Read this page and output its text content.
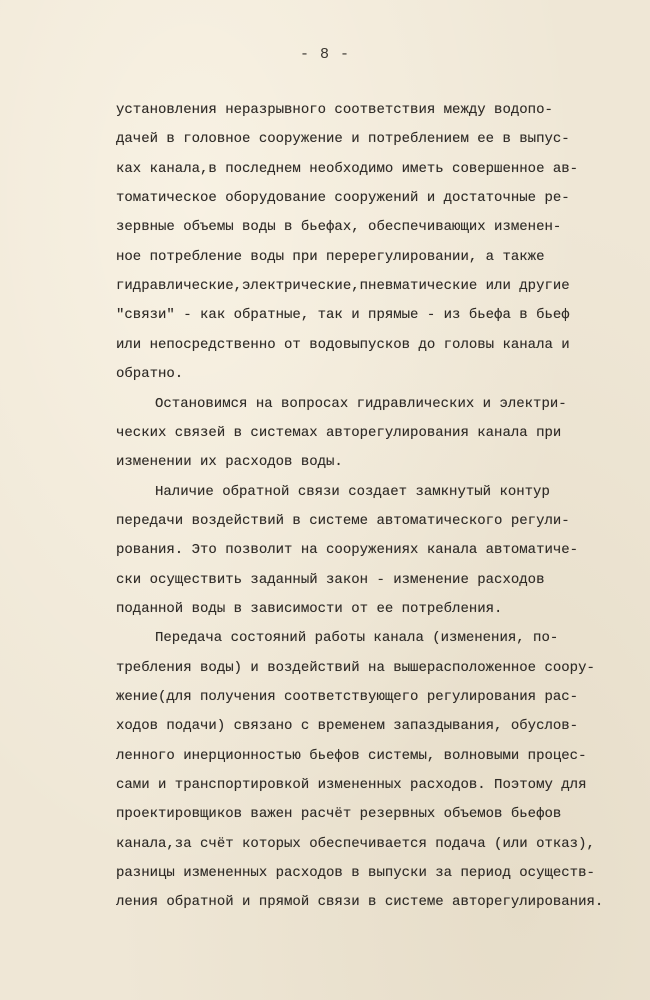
- 8 -
установления неразрывного соответствия между водопо-
дачей в головное сооружение и потреблением ее в выпус-
ках канала,в последнем необходимо иметь совершенное ав-
томатическое оборудование сооружений и достаточные ре-
зервные объемы воды в бьефах, обеспечивающих изменен-
ное потребление воды при перерегулировании, а также
гидравлические,электрические,пневматические или другие
"связи" - как обратные, так и прямые - из бьефа в бьеф
или непосредственно от водовыпусков до головы канала и
обратно.
Остановимся на вопросах гидравлических и электри-
ческих связей в системах авторегулирования канала при
изменении их расходов воды.
Наличие обратной связи создает замкнутый контур
передачи воздействий в системе автоматического регули-
рования. Это позволит на сооружениях канала автоматиче-
ски осуществить заданный закон - изменение расходов
поданной воды в зависимости от ее потребления.
Передача состояний работы канала (изменения, по-
требления воды) и воздействий на вышерасположенное соору-
жение(для получения соответствующего регулирования рас-
ходов подачи) связано с временем запаздывания, обуслов-
ленного инерционностью бьефов системы, волновыми процес-
сами и транспортировкой измененных расходов. Поэтому для
проектировщиков важен расчёт резервных объемов бьефов
канала,за счёт которых обеспечивается подача (или отказ),
разницы измененных расходов в выпуски за период осуществ-
ления обратной и прямой связи в системе авторегулирования.
